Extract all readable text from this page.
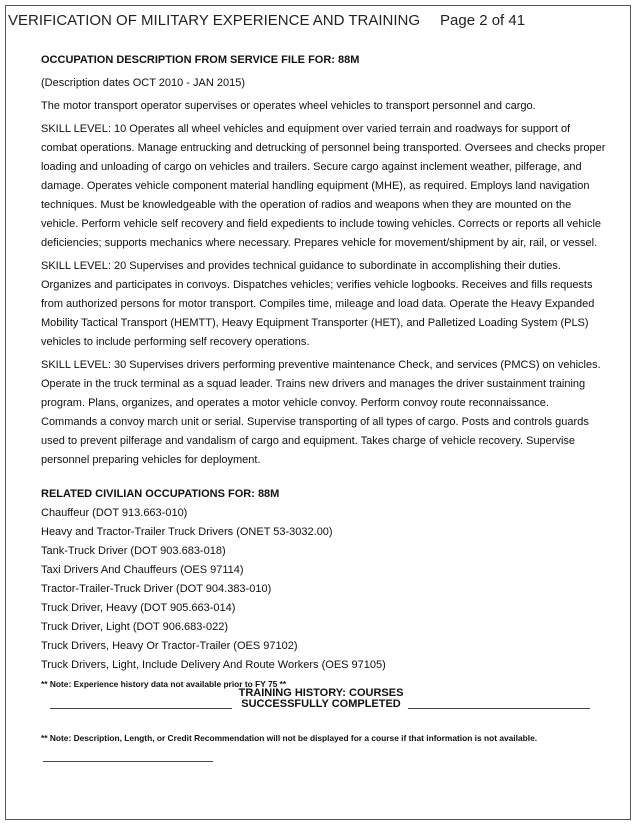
VERIFICATION OF MILITARY EXPERIENCE AND TRAINING Page 2 of 41

OCCUPATION DESCRIPTION FROM SERVICE FILE FOR: 88M

(Description dates OCT 2010 - JAN 2015)

The motor transport operator supervises or operates wheel vehicles to transport personnel and cargo.

SKILL LEVEL: 10 Operates all wheel vehicles and equipment over varied terrain and roadways for support of combat operations. Manage entrucking and detrucking of personnel being transported. Oversees and checks proper loading and unloading of cargo on vehicles and trailers. Secure cargo against inclement weather, pilferage, and damage. Operates vehicle component material handling equipment (MHE), as required. Employs land navigation techniques. Must be knowledgeable with the operation of radios and weapons when they are mounted on the vehicle. Perform vehicle self recovery and field expedients to include towing vehicles. Corrects or reports all vehicle deficiencies; supports mechanics where necessary. Prepares vehicle for movement/shipment by air, rail, or vessel.

SKILL LEVEL: 20 Supervises and provides technical guidance to subordinate in accomplishing their duties. Organizes and participates in convoys. Dispatches vehicles; verifies vehicle logbooks. Receives and fills requests from authorized persons for motor transport. Compiles time, mileage and load data. Operate the Heavy Expanded Mobility Tactical Transport (HEMTT), Heavy Equipment Transporter (HET), and Palletized Loading System (PLS) vehicles to include performing self recovery operations.

SKILL LEVEL: 30 Supervises drivers performing preventive maintenance Check, and services (PMCS) on vehicles. Operate in the truck terminal as a squad leader. Trains new drivers and manages the driver sustainment training program. Plans, organizes, and operates a motor vehicle convoy. Perform convoy route reconnaissance. Commands a convoy march unit or serial. Supervise transporting of all types of cargo. Posts and controls guards used to prevent pilferage and vandalism of cargo and equipment. Takes charge of vehicle recovery. Supervise personnel preparing vehicles for deployment.

RELATED CIVILIAN OCCUPATIONS FOR: 88M

Chauffeur (DOT 913.663-010)

Heavy and Tractor-Trailer Truck Drivers (ONET 53-3032.00)

Tank-Truck Driver (DOT 903.683-018)

Taxi Drivers And Chauffeurs (OES 97114)

Tractor-Trailer-Truck Driver (DOT 904.383-010)

Truck Driver, Heavy (DOT 905.663-014)

Truck Driver, Light (DOT 906.683-022)

Truck Drivers, Heavy Or Tractor-Trailer (OES 97102)

Truck Drivers, Light, Include Delivery And Route Workers (OES 97105)

** Note: Experience history data not available prior to FY 75 **

TRAINING HISTORY: COURSES
SUCCESSFULLY COMPLETED

** Note: Description, Length, or Credit Recommendation will not be displayed for a course if that information is not available.
